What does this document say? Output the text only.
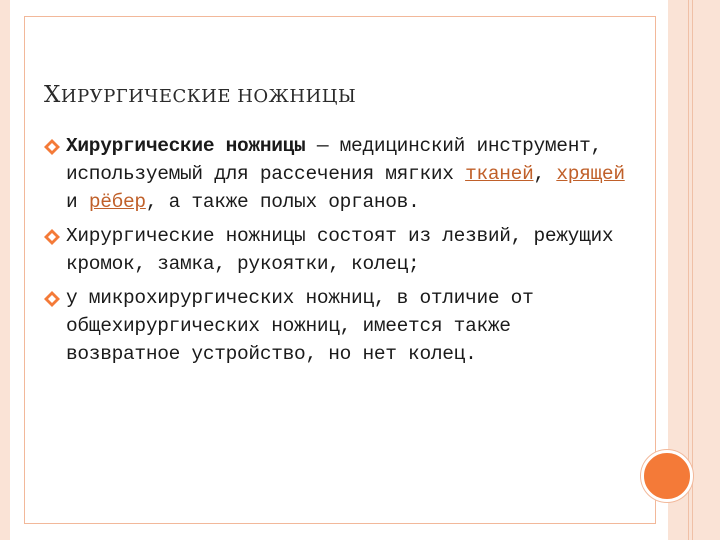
ХИРУРГИЧЕСКИЕ НОЖНИЦЫ
Хирургические ножницы — медицинский инструмент, используемый для рассечения мягких тканей, хрящей и рёбер, а также полых органов.
Хирургические ножницы состоят из лезвий, режущих кромок, замка, рукоятки, колец;
у микрохирургических ножниц, в отличие от общехирургических ножниц, имеется также возвратное устройство, но нет колец.
